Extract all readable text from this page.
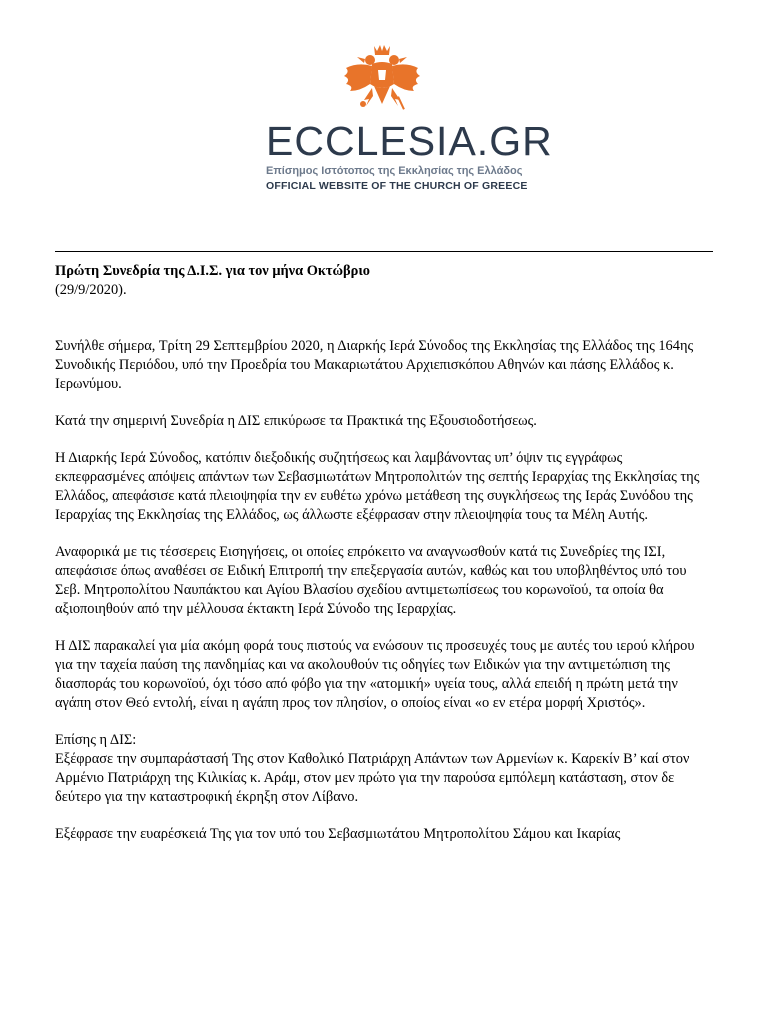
ECCLESIA.GR
Επίσημος Ιστότοπος της Εκκλησίας της Ελλάδος
OFFICIAL WEBSITE OF THE CHURCH OF GREECE

Πρώτη Συνεδρία της Δ.Ι.Σ. για τον μήνα Οκτώβριο

(29/9/2020).

Συνήλθε σήμερα, Τρίτη 29 Σεπτεμβρίου 2020, η Διαρκής Ιερά Σύνοδος της Εκκλησίας της Ελλάδος της 164ης Συνοδικής Περιόδου, υπό την Προεδρία του Μακαριωτάτου Αρχιεπισκόπου Αθηνών και πάσης Ελλάδος κ. Ιερωνύμου.

Κατά την σημερινή Συνεδρία η ΔΙΣ επικύρωσε τα Πρακτικά της Εξουσιοδοτήσεως.

Η Διαρκής Ιερά Σύνοδος, κατόπιν διεξοδικής συζητήσεως και λαμβάνοντας υπ’ όψιν τις εγγράφως εκπεφρασμένες απόψεις απάντων των Σεβασμιωτάτων Μητροπολιτών της σεπτής Ιεραρχίας της Εκκλησίας της Ελλάδος, απεφάσισε κατά πλειοψηφία την εν ευθέτω χρόνω μετάθεση της συγκλήσεως της Ιεράς Συνόδου της Ιεραρχίας της Εκκλησίας της Ελλάδος, ως άλλωστε εξέφρασαν στην πλειοψηφία τους τα Μέλη Αυτής.

Αναφορικά με τις τέσσερεις Εισηγήσεις, οι οποίες επρόκειτο να αναγνωσθούν κατά τις Συνεδρίες της ΙΣΙ, απεφάσισε όπως αναθέσει σε Ειδική Επιτροπή την επεξεργασία αυτών, καθώς και του υποβληθέντος υπό του Σεβ. Μητροπολίτου Ναυπάκτου και Αγίου Βλασίου σχεδίου αντιμετωπίσεως του κορωνοϊού, τα οποία θα αξιοποιηθούν από την μέλλουσα έκτακτη Ιερά Σύνοδο της Ιεραρχίας.

Η ΔΙΣ παρακαλεί για μία ακόμη φορά τους πιστούς να ενώσουν τις προσευχές τους με αυτές του ιερού κλήρου για την ταχεία παύση της πανδημίας και να ακολουθούν τις οδηγίες των Ειδικών για την αντιμετώπιση της διασποράς του κορωνοϊού, όχι τόσο από φόβο για την «ατομική» υγεία τους, αλλά επειδή η πρώτη μετά την αγάπη στον Θεό εντολή, είναι η αγάπη προς τον πλησίον, ο οποίος είναι «ο εν ετέρα μορφή Χριστός».

Επίσης η ΔΙΣ:

Εξέφρασε την συμπαράστασή Της στον Καθολικό Πατριάρχη Απάντων των Αρμενίων κ. Καρεκίν Β’ καί στον Αρμένιο Πατριάρχη της Κιλικίας κ. Αράμ, στον μεν πρώτο για την παρούσα εμπόλεμη κατάσταση, στον δε δεύτερο για την καταστροφική έκρηξη στον Λίβανο.

Εξέφρασε την ευαρέσκειά Της για τον υπό του Σεβασμιωτάτου Μητροπολίτου Σάμου και Ικαρίας
